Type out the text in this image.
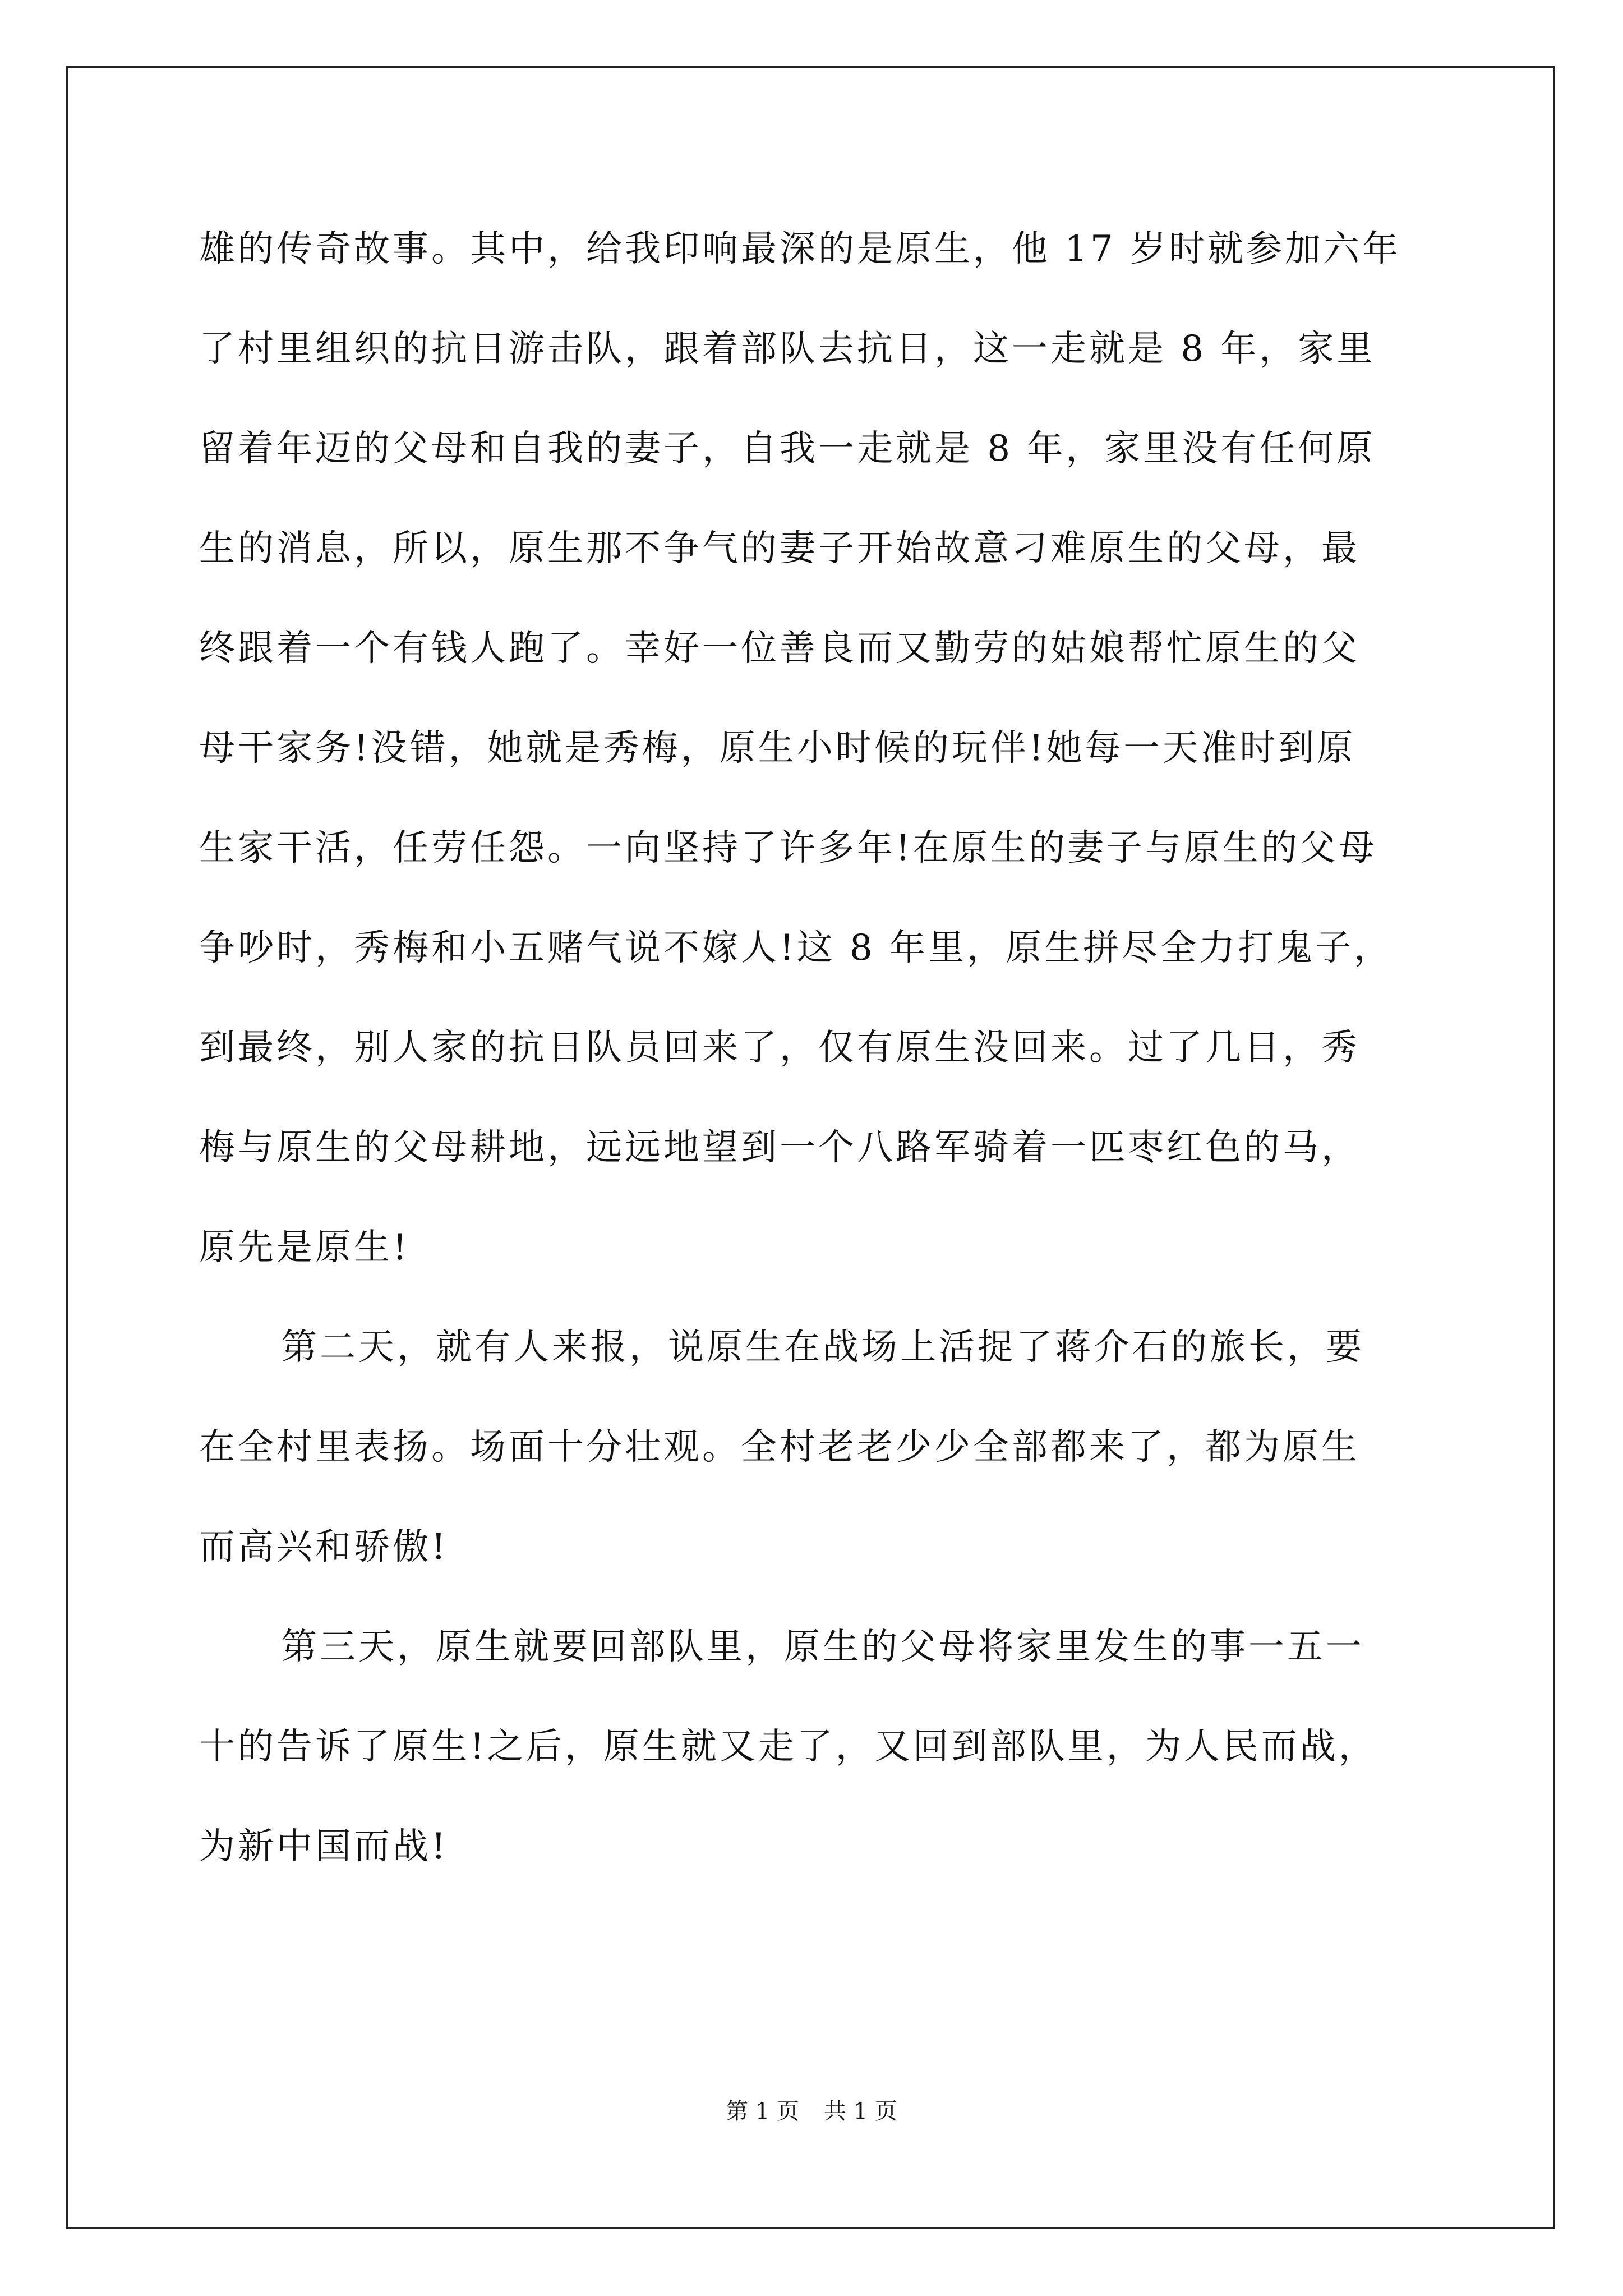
雄的传奇故事。其中，给我印响最深的是原生，他 17 岁时就参加六年
了村里组织的抗日游击队，跟着部队去抗日，这一走就是 8 年，家里
留着年迈的父母和自我的妻子，自我一走就是 8 年，家里没有任何原
生的消息，所以，原生那不争气的妻子开始故意刁难原生的父母，最
终跟着一个有钱人跑了。幸好一位善良而又勤劳的姑娘帮忙原生的父
母干家务!没错，她就是秀梅，原生小时候的玩伴!她每一天准时到原
生家干活，任劳任怨。一向坚持了许多年!在原生的妻子与原生的父母
争吵时，秀梅和小五赌气说不嫁人!这 8 年里，原生拼尽全力打鬼子，
到最终，别人家的抗日队员回来了，仅有原生没回来。过了几日，秀
梅与原生的父母耕地，远远地望到一个八路军骑着一匹枣红色的马，
原先是原生!
第二天，就有人来报，说原生在战场上活捉了蒋介石的旅长，要
在全村里表扬。场面十分壮观。全村老老少少全部都来了，都为原生
而高兴和骄傲!
第三天，原生就要回部队里，原生的父母将家里发生的事一五一
十的告诉了原生!之后，原生就又走了，又回到部队里，为人民而战，
为新中国而战!
第 1 页 共 1 页
